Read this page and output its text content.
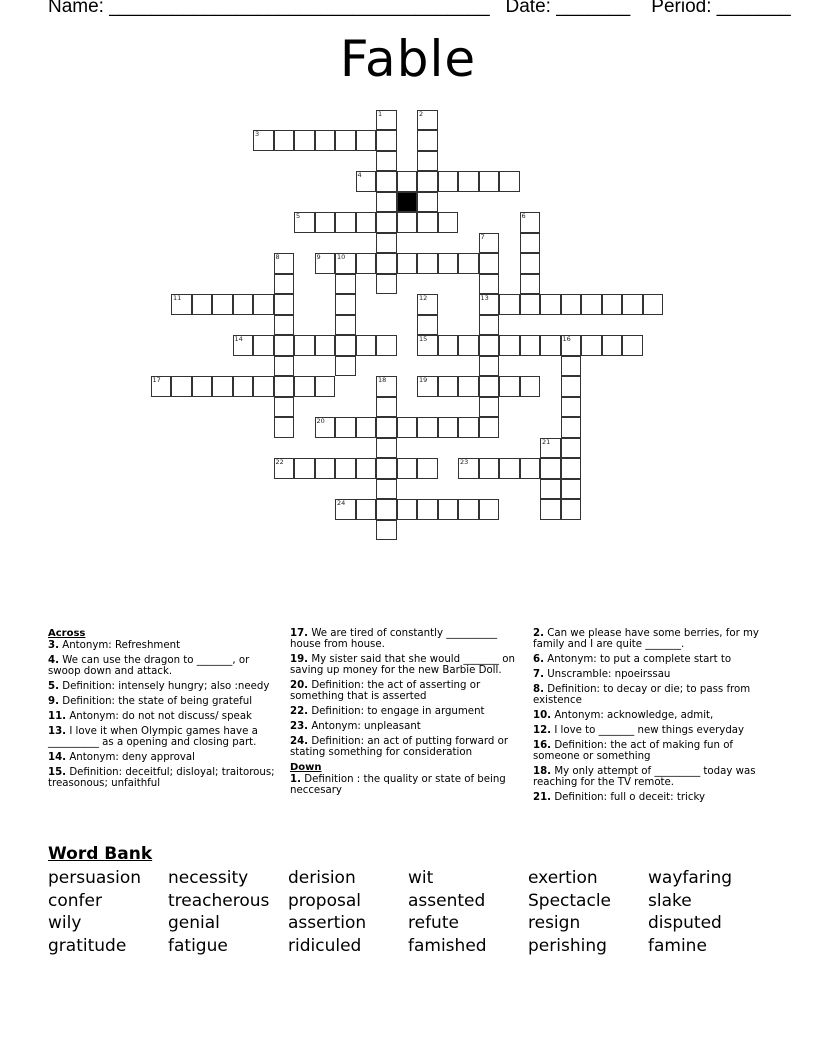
Name: ____________________________________ Date: _______ Period: _______
Fable
1	2
3
4
5	6
7
13
8	9	10
11	12
15
14	16
17	18	19
20
21
22	23
24
Across
3. Antonym: Refreshment
4. We can use the dragon to _______, or swoop down and attack.
5. Definition: intensely hungry; also :needy
9. Definition: the state of being grateful
11. Antonym: do not not discuss/ speak
13. I love it when Olympic games have a __________ as a opening and closing part.
14. Antonym: deny approval
15. Definition: deceitful; disloyal; traitorous; treasonous; unfaithful
17. We are tired of constantly __________ house from house.
19. My sister said that she would _______ on saving up money for the new Barbie Doll.
20. Definition: the act of asserting or something that is asserted
22. Definition: to engage in argument
23. Antonym: unpleasant
24. Definition: an act of putting forward or stating something for consideration
Down
1. Definition : the quality or state of being neccesary
2. Can we please have some berries, for my family and I are quite _______.
6. Antonym: to put a complete start to
7. Unscramble: npoeirssau
8. Definition: to decay or die; to pass from existence
10. Antonym: acknowledge, admit,
12. I love to _______ new things everyday
16. Definition: the act of making fun of someone or something
18. My only attempt of _________ today was reaching for the TV remote.
21. Definition: full o deceit: tricky
Word Bank
persuasion	necessity	derision	wit	exertion	wayfaring
confer	treacherous	proposal	assented	Spectacle	slake
wily	genial	assertion	refute	resign	disputed
gratitude	fatigue	ridiculed	famished	perishing	famine
